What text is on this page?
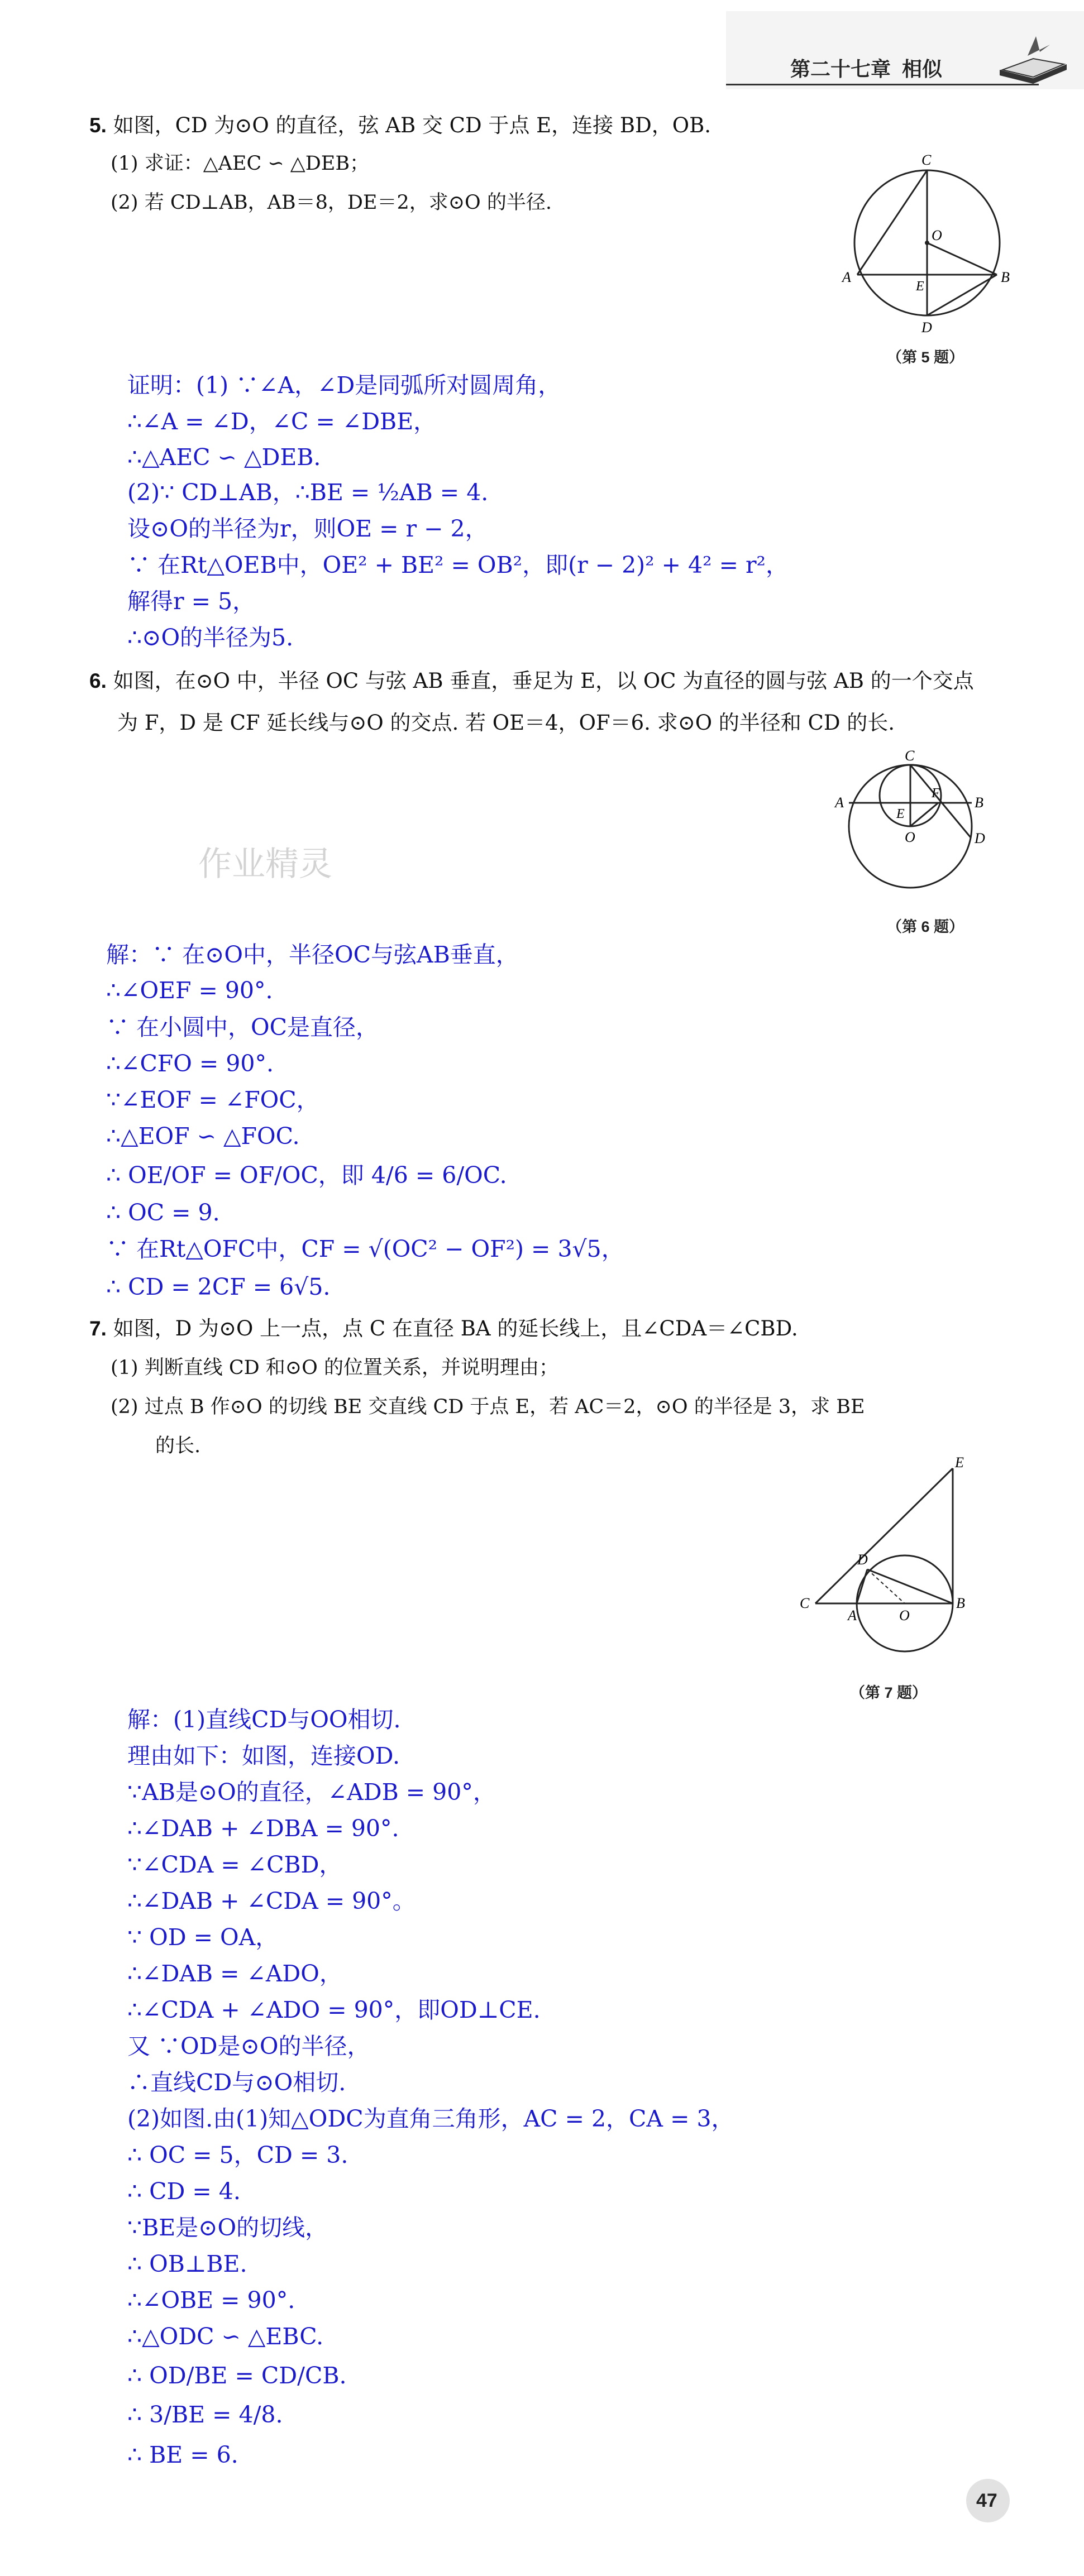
第二十七章 相似
5. 如图，CD 为⊙O 的直径，弦 AB 交 CD 于点 E，连接 BD，OB.
(1) 求证：△AEC ∽ △DEB；
(2) 若 CD⊥AB，AB＝8，DE＝2，求⊙O 的半径.
C
O
A
E
B
D
（第 5 题）
证明：(1) ∵∠A，∠D是同弧所对圆周角，
∴∠A = ∠D，∠C = ∠DBE，
∴△AEC ∽ △DEB.
(2)∵ CD⊥AB，∴BE = ½AB = 4.
设⊙O的半径为r，则OE = r − 2，
∵ 在Rt△OEB中，OE² + BE² = OB²，即(r − 2)² + 4² = r²，
解得r = 5，
∴⊙O的半径为5.
6. 如图，在⊙O 中，半径 OC 与弦 AB 垂直，垂足为 E，以 OC 为直径的圆与弦 AB 的一个交点
为 F，D 是 CF 延长线与⊙O 的交点. 若 OE＝4，OF＝6. 求⊙O 的半径和 CD 的长.
作业精灵
C
A
E
F
B
O	D
（第 6 题）
解：∵ 在⊙O中，半径OC与弦AB垂直，
∴∠OEF = 90°.
∵ 在小圆中，OC是直径，
∴∠CFO = 90°.
∵∠EOF = ∠FOC，
∴△EOF ∽ △FOC.
∴ OE/OF = OF/OC，即 4/6 = 6/OC.
∴ OC = 9.
∵ 在Rt△OFC中，CF = √(OC² − OF²) = 3√5，
∴ CD = 2CF = 6√5.
7. 如图，D 为⊙O 上一点，点 C 在直径 BA 的延长线上，且∠CDA＝∠CBD.
(1) 判断直线 CD 和⊙O 的位置关系，并说明理由；
(2) 过点 B 作⊙O 的切线 BE 交直线 CD 于点 E，若 AC＝2，⊙O 的半径是 3，求 BE
的长.
E
D
C
A	O
B
（第 7 题）
解：(1)直线CD与OO相切.
理由如下：如图，连接OD.
∵AB是⊙O的直径，∠ADB = 90°，
∴∠DAB + ∠DBA = 90°.
∵∠CDA = ∠CBD，
∴∠DAB + ∠CDA = 90°。
∵ OD = OA，
∴∠DAB = ∠ADO，
∴∠CDA + ∠ADO = 90°，即OD⊥CE.
又 ∵OD是⊙O的半径，
∴直线CD与⊙O相切.
(2)如图.由(1)知△ODC为直角三角形，AC = 2，CA = 3，
∴ OC = 5，CD = 3.
∴ CD = 4.
∵BE是⊙O的切线，
∴ OB⊥BE.
∴∠OBE = 90°.
∴△ODC ∽ △EBC.
∴ OD/BE = CD/CB.
∴ 3/BE = 4/8.
∴ BE = 6.
47
